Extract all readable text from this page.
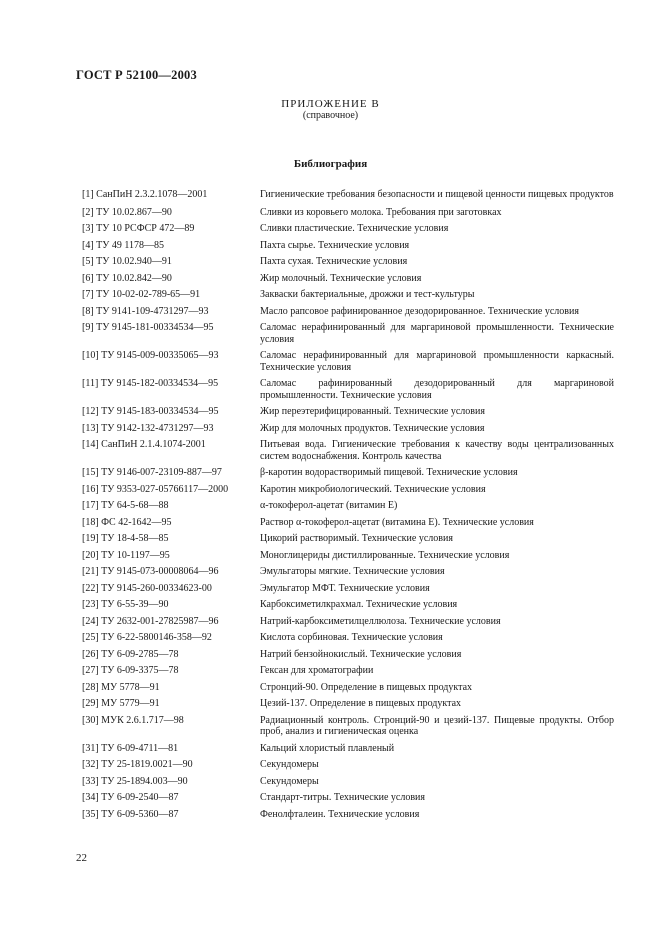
ГОСТ Р 52100—2003
ПРИЛОЖЕНИЕ В
(справочное)
Библиография
[1] СанПиН 2.3.2.1078—2001	Гигиенические требования безопасности и пищевой ценности пищевых продуктов
[2] ТУ 10.02.867—90	Сливки из коровьего молока. Требования при заготовках
[3] ТУ 10 РСФСР 472—89	Сливки пластические. Технические условия
[4] ТУ 49 1178—85	Пахта сырье. Технические условия
[5] ТУ 10.02.940—91	Пахта сухая. Технические условия
[6] ТУ 10.02.842—90	Жир молочный. Технические условия
[7] ТУ 10-02-02-789-65—91	Закваски бактериальные, дрожжи и тест-культуры
[8] ТУ 9141-109-4731297—93	Масло рапсовое рафинированное дезодорированное. Технические условия
[9] ТУ 9145-181-00334534—95	Саломас нерафинированный для маргариновой промышленности. Технические условия
[10] ТУ 9145-009-00335065—93	Саломас нерафинированный для маргариновой промышленности каркасный. Технические условия
[11] ТУ 9145-182-00334534—95	Саломас рафинированный дезодорированный для маргариновой промышленности. Технические условия
[12] ТУ 9145-183-00334534—95	Жир переэтерифицированный. Технические условия
[13] ТУ 9142-132-4731297—93	Жир для молочных продуктов. Технические условия
[14] СанПиН 2.1.4.1074-2001	Питьевая вода. Гигиенические требования к качеству воды централизованных систем водоснабжения. Контроль качества
[15] ТУ 9146-007-23109-887—97	β-каротин водорастворимый пищевой. Технические условия
[16] ТУ 9353-027-05766117—2000	Каротин микробиологический. Технические условия
[17] ТУ 64-5-68—88	α-токоферол-ацетат (витамин Е)
[18] ФС 42-1642—95	Раствор α-токоферол-ацетат (витамина Е). Технические условия
[19] ТУ 18-4-58—85	Цикорий растворимый. Технические условия
[20] ТУ 10-1197—95	Моноглицериды дистиллированные. Технические условия
[21] ТУ 9145-073-00008064—96	Эмульгаторы мягкие. Технические условия
[22] ТУ 9145-260-00334623-00	Эмульгатор МФТ. Технические условия
[23] ТУ 6-55-39—90	Карбоксиметилкрахмал. Технические условия
[24] ТУ 2632-001-27825987—96	Натрий-карбоксиметилцеллюлоза. Технические условия
[25] ТУ 6-22-5800146-358—92	Кислота сорбиновая. Технические условия
[26] ТУ 6-09-2785—78	Натрий бензойнокислый. Технические условия
[27] ТУ 6-09-3375—78	Гексан для хроматографии
[28] МУ 5778—91	Стронций-90. Определение в пищевых продуктах
[29] МУ 5779—91	Цезий-137. Определение в пищевых продуктах
[30] МУК 2.6.1.717—98	Радиационный контроль. Стронций-90 и цезий-137. Пищевые продукты. Отбор проб, анализ и гигиеническая оценка
[31] ТУ 6-09-4711—81	Кальций хлористый плавленый
[32] ТУ 25-1819.0021—90	Секундомеры
[33] ТУ 25-1894.003—90	Секундомеры
[34] ТУ 6-09-2540—87	Стандарт-титры. Технические условия
[35] ТУ 6-09-5360—87	Фенолфталеин. Технические условия
22
